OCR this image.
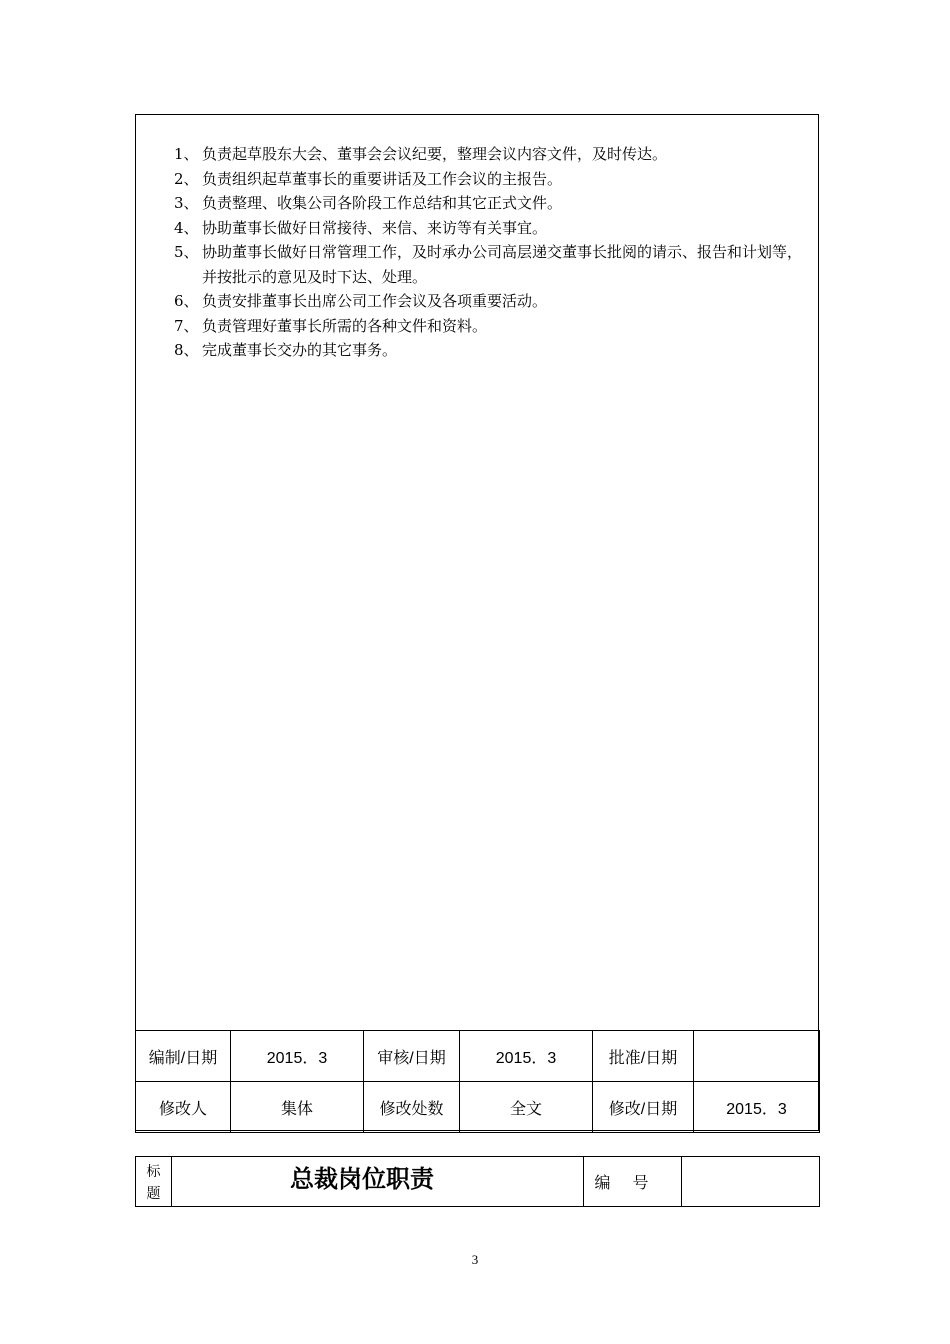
1、 负责起草股东大会、董事会会议纪要，整理会议内容文件，及时传达。
2、 负责组织起草董事长的重要讲话及工作会议的主报告。
3、 负责整理、收集公司各阶段工作总结和其它正式文件。
4、 协助董事长做好日常接待、来信、来访等有关事宜。
5、 协助董事长做好日常管理工作，及时承办公司高层递交董事长批阅的请示、报告和计划等，并按批示的意见及时下达、处理。
6、 负责安排董事长出席公司工作会议及各项重要活动。
7、 负责管理好董事长所需的各种文件和资料。
8、 完成董事长交办的其它事务。
编制/日期	2015．3	审核/日期	2015．3	批准/日期	
修改人	集体	修改处数	全文	修改/日期	2015．3
标
题	总裁岗位职责	编号	
3
